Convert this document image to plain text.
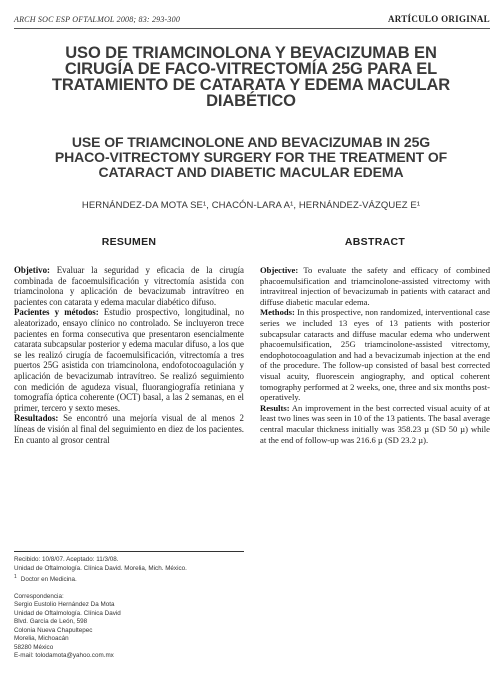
ARCH SOC ESP OFTALMOL 2008; 83: 293-300	ARTÍCULO ORIGINAL
USO DE TRIAMCINOLONA Y BEVACIZUMAB EN
CIRUGÍA DE FACO-VITRECTOMÍA 25G PARA EL
TRATAMIENTO DE CATARATA Y EDEMA MACULAR
DIABÉTICO
USE OF TRIAMCINOLONE AND BEVACIZUMAB IN 25G
PHACO-VITRECTOMY SURGERY FOR THE TREATMENT OF
CATARACT AND DIABETIC MACULAR EDEMA
HERNÁNDEZ-DA MOTA SE¹, CHACÓN-LARA A¹, HERNÁNDEZ-VÁZQUEZ E¹
RESUMEN

Objetivo: Evaluar la seguridad y eficacia de la cirugía combinada de facoemulsificación y vitrectomía asistida con triamcinolona y aplicación de bevacizumab intravítreo en pacientes con catarata y edema macular diabético difuso.

Pacientes y métodos: Estudio prospectivo, longitudinal, no aleatorizado, ensayo clínico no controlado. Se incluyeron trece pacientes en forma consecutiva que presentaron esencialmente catarata subcapsular posterior y edema macular difuso, a los que se les realizó cirugía de facoemulsificación, vitrectomía a tres puertos 25G asistida con triamcinolona, endofotocoagulación y aplicación de bevacizumab intravítreo. Se realizó seguimiento con medición de agudeza visual, fluorangiografía retiniana y tomografía óptica coherente (OCT) basal, a las 2 semanas, en el primer, tercero y sexto meses.

Resultados: Se encontró una mejoría visual de al menos 2 líneas de visión al final del seguimiento en diez de los pacientes. En cuanto al grosor central

ABSTRACT

Objective: To evaluate the safety and efficacy of combined phacoemulsification and triamcinolone-assisted vitrectomy with intravitreal injection of bevacizumab in patients with cataract and diffuse diabetic macular edema.

Methods: In this prospective, non randomized, interventional case series we included 13 eyes of 13 patients with posterior subcapsular cataracts and diffuse macular edema who underwent phacoemulsification, 25G triamcinolone-assisted vitrectomy, endophotocoagulation and had a bevacizumab injection at the end of the procedure. The follow-up consisted of basal best corrected visual acuity, fluorescein angiography, and optical coherent tomography performed at 2 weeks, one, three and six months post-operatively.

Results: An improvement in the best corrected visual acuity of at least two lines was seen in 10 of the 13 patients. The basal average central macular thickness initially was 358.23 µ (SD 50 µ) while at the end of follow-up was 216.6 µ (SD 23.2 µ).

Recibido: 10/8/07. Aceptado: 11/3/08.
Unidad de Oftalmología. Clínica David. Morelia, Mich. México.
$^1$ Doctor en Medicina.
Correspondencia:
Sergio Eustolio Hernández Da Mota
Unidad de Oftalmología. Clínica David
Blvd. García de León, 598
Colonia Nueva Chapultepec
Morelia, Michoacán
58280 México
E-mail: tolodamota@yahoo.com.mx
